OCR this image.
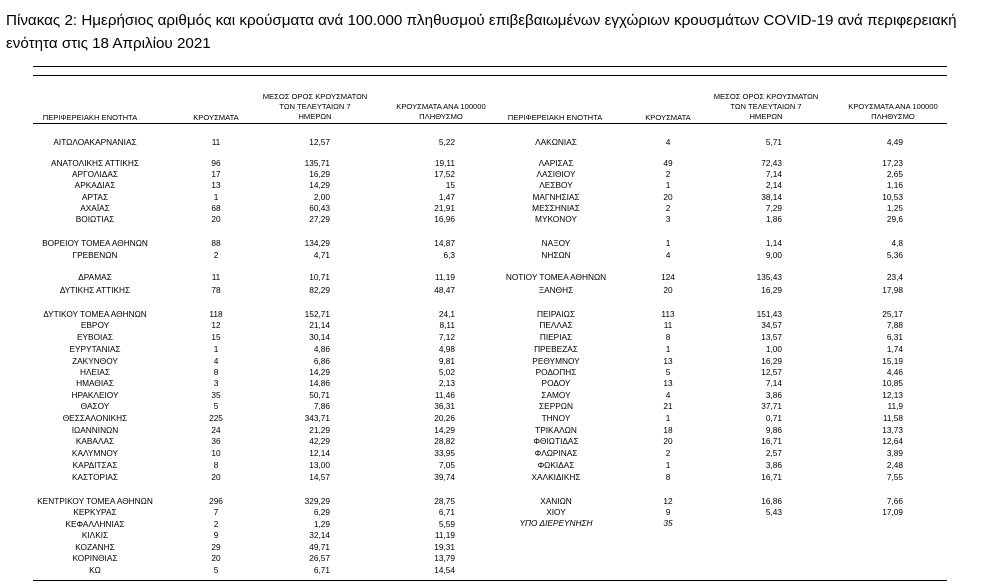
Πίνακας 2: Ημερήσιος αριθμός και κρούσματα ανά 100.000 πληθυσμού επιβεβαιωμένων εγχώριων κρουσμάτων COVID-19 ανά περιφερειακή ενότητα στις 18 Απριλίου 2021
ΠΕΡΙΦΕΡΕΙΑΚΗ ΕΝΟΤΗΤΑ	ΚΡΟΥΣΜΑΤΑ
ΜΕΣΟΣ ΟΡΟΣ ΚΡΟΥΣΜΑΤΩΝ
ΤΩΝ ΤΕΛΕΥΤΑΙΩΝ 7
ΗΜΕΡΩΝ
ΚΡΟΥΣΜΑΤΑ ΑΝΑ 100000
ΠΛΗΘΥΣΜΟ	ΠΕΡΙΦΕΡΕΙΑΚΗ ΕΝΟΤΗΤΑ	ΚΡΟΥΣΜΑΤΑ
ΜΕΣΟΣ ΟΡΟΣ ΚΡΟΥΣΜΑΤΩΝ
ΤΩΝ ΤΕΛΕΥΤΑΙΩΝ 7
ΗΜΕΡΩΝ
ΚΡΟΥΣΜΑΤΑ ΑΝΑ 100000
ΠΛΗΘΥΣΜΟ
ΑΙΤΩΛΟΑΚΑΡΝΑΝΙΑΣ	11	12,57	5,22
ΑΝΑΤΟΛΙΚΗΣ ΑΤΤΙΚΗΣ	96	135,71	19,11
ΑΡΓΟΛΙΔΑΣ	17	16,29	17,52
ΑΡΚΑΔΙΑΣ	13	14,29	15
ΑΡΤΑΣ	1	2,00	1,47
ΑΧΑΪΑΣ	68	60,43	21,91
ΒΟΙΩΤΙΑΣ	20	27,29	16,96
ΒΟΡΕΙΟΥ ΤΟΜΕΑ ΑΘΗΝΩΝ	88	134,29	14,87
ΓΡΕΒΕΝΩΝ	2	4,71	6,3
ΔΡΑΜΑΣ	11	10,71	11,19
ΔΥΤΙΚΗΣ ΑΤΤΙΚΗΣ	78	82,29	48,47
ΔΥΤΙΚΟΥ ΤΟΜΕΑ ΑΘΗΝΩΝ	118	152,71	24,1
ΕΒΡΟΥ	12	21,14	8,11
ΕΥΒΟΙΑΣ	15	30,14	7,12
ΕΥΡΥΤΑΝΙΑΣ	1	4,86	4,98
ΖΑΚΥΝΘΟΥ	4	6,86	9,81
ΗΛΕΙΑΣ	8	14,29	5,02
ΗΜΑΘΙΑΣ	3	14,86	2,13
ΗΡΑΚΛΕΙΟΥ	35	50,71	11,46
ΘΑΣΟΥ	5	7,86	36,31
ΘΕΣΣΑΛΟΝΙΚΗΣ	225	343,71	20,26
ΙΩΑΝΝΙΝΩΝ	24	21,29	14,29
ΚΑΒΑΛΑΣ	36	42,29	28,82
ΚΑΛΥΜΝΟΥ	10	12,14	33,95
ΚΑΡΔΙΤΣΑΣ	8	13,00	7,05
ΚΑΣΤΟΡΙΑΣ	20	14,57	39,74
ΚΕΝΤΡΙΚΟΥ ΤΟΜΕΑ ΑΘΗΝΩΝ	296	329,29	28,75
ΚΕΡΚΥΡΑΣ	7	6,29	6,71
ΚΕΦΑΛΛΗΝΙΑΣ	2	1,29	5,59
ΚΙΛΚΙΣ	9	32,14	11,19
ΚΟΖΑΝΗΣ	29	49,71	19,31
ΚΟΡΙΝΘΙΑΣ	20	26,57	13,79
ΚΩ	5	6,71	14,54
ΛΑΚΩΝΙΑΣ	4	5,71	4,49
ΛΑΡΙΣΑΣ	49	72,43	17,23
ΛΑΣΙΘΙΟΥ	2	7,14	2,65
ΛΕΣΒΟΥ	1	2,14	1,16
ΜΑΓΝΗΣΙΑΣ	20	38,14	10,53
ΜΕΣΣΗΝΙΑΣ	2	7,29	1,25
ΜΥΚΟΝΟΥ	3	1,86	29,6
ΝΑΞΟΥ	1	1,14	4,8
ΝΗΣΩΝ	4	9,00	5,36
ΝΟΤΙΟΥ ΤΟΜΕΑ ΑΘΗΝΩΝ	124	135,43	23,4
ΞΑΝΘΗΣ	20	16,29	17,98
ΠΕΙΡΑΙΩΣ	113	151,43	25,17
ΠΕΛΛΑΣ	11	34,57	7,88
ΠΙΕΡΙΑΣ	8	13,57	6,31
ΠΡΕΒΕΖΑΣ	1	1,00	1,74
ΡΕΘΥΜΝΟΥ	13	16,29	15,19
ΡΟΔΟΠΗΣ	5	12,57	4,46
ΡΟΔΟΥ	13	7,14	10,85
ΣΑΜΟΥ	4	3,86	12,13
ΣΕΡΡΩΝ	21	37,71	11,9
ΤΗΝΟΥ	1	0,71	11,58
ΤΡΙΚΑΛΩΝ	18	9,86	13,73
ΦΘΙΩΤΙΔΑΣ	20	16,71	12,64
ΦΛΩΡΙΝΑΣ	2	2,57	3,89
ΦΩΚΙΔΑΣ	1	3,86	2,48
ΧΑΛΚΙΔΙΚΗΣ	8	16,71	7,55
ΧΑΝΙΩΝ	12	16,86	7,66
ΧΙΟΥ	9	5,43	17,09
ΥΠΟ ΔΙΕΡΕΥΝΗΣΗ	35
